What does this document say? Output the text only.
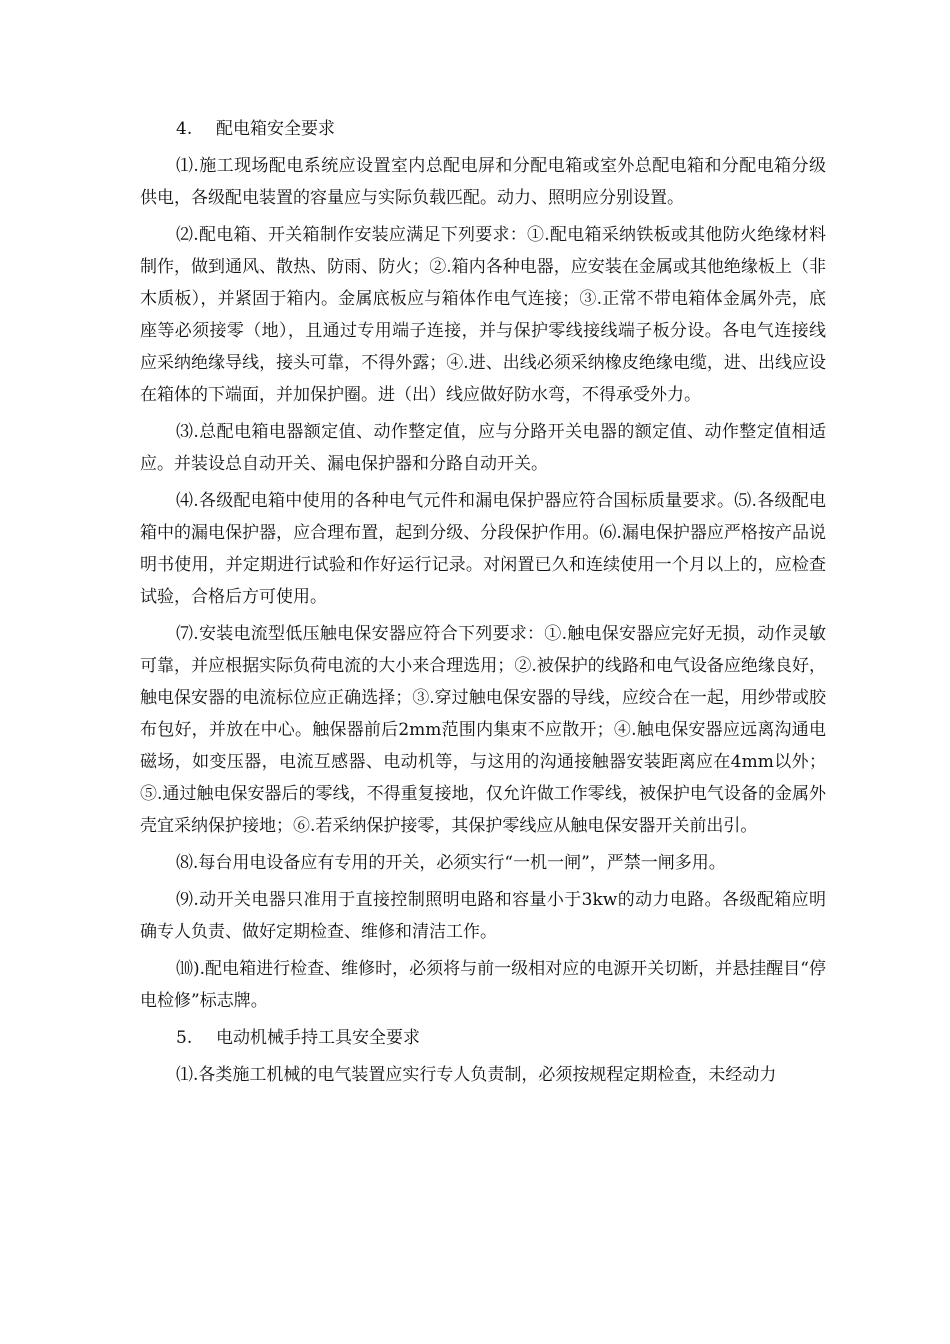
4. 配电箱安全要求

⑴.施工现场配电系统应设置室内总配电屏和分配电箱或室外总配电箱和分配电箱分级供电，各级配电装置的容量应与实际负载匹配。动力、照明应分别设置。

⑵.配电箱、开关箱制作安装应满足下列要求：①.配电箱采纳铁板或其他防火绝缘材料制作，做到通风、散热、防雨、防火；②.箱内各种电器，应安装在金属或其他绝缘板上（非木质板），并紧固于箱内。金属底板应与箱体作电气连接；③.正常不带电箱体金属外壳，底座等必须接零（地），且通过专用端子连接，并与保护零线接线端子板分设。各电气连接线应采纳绝缘导线，接头可靠，不得外露；④.进、出线必须采纳橡皮绝缘电缆，进、出线应设在箱体的下端面，并加保护圈。进（出）线应做好防水弯，不得承受外力。

⑶.总配电箱电器额定值、动作整定值，应与分路开关电器的额定值、动作整定值相适应。并装设总自动开关、漏电保护器和分路自动开关。

⑷.各级配电箱中使用的各种电气元件和漏电保护器应符合国标质量要求。⑸.各级配电箱中的漏电保护器，应合理布置，起到分级、分段保护作用。⑹.漏电保护器应严格按产品说明书使用，并定期进行试验和作好运行记录。对闲置已久和连续使用一个月以上的，应检查试验，合格后方可使用。

⑺.安装电流型低压触电保安器应符合下列要求：①.触电保安器应完好无损，动作灵敏可靠，并应根据实际负荷电流的大小来合理选用；②.被保护的线路和电气设备应绝缘良好，触电保安器的电流标位应正确选择；③.穿过触电保安器的导线，应绞合在一起，用纱带或胶布包好，并放在中心。触保器前后2mm范围内集束不应散开；④.触电保安器应远离沟通电磁场，如变压器，电流互感器、电动机等，与这用的沟通接触器安装距离应在4mm以外；⑤.通过触电保安器后的零线，不得重复接地，仅允许做工作零线，被保护电气设备的金属外壳宜采纳保护接地；⑥.若采纳保护接零，其保护零线应从触电保安器开关前出引。

⑻.每台用电设备应有专用的开关，必须实行“一机一闸”，严禁一闸多用。

⑼.动开关电器只准用于直接控制照明电路和容量小于3kw的动力电路。各级配箱应明确专人负责、做好定期检查、维修和清洁工作。

⑽).配电箱进行检查、维修时，必须将与前一级相对应的电源开关切断，并悬挂醒目“停电检修”标志牌。

5. 电动机械手持工具安全要求

⑴.各类施工机械的电气装置应实行专人负责制，必须按规程定期检查，未经动力
